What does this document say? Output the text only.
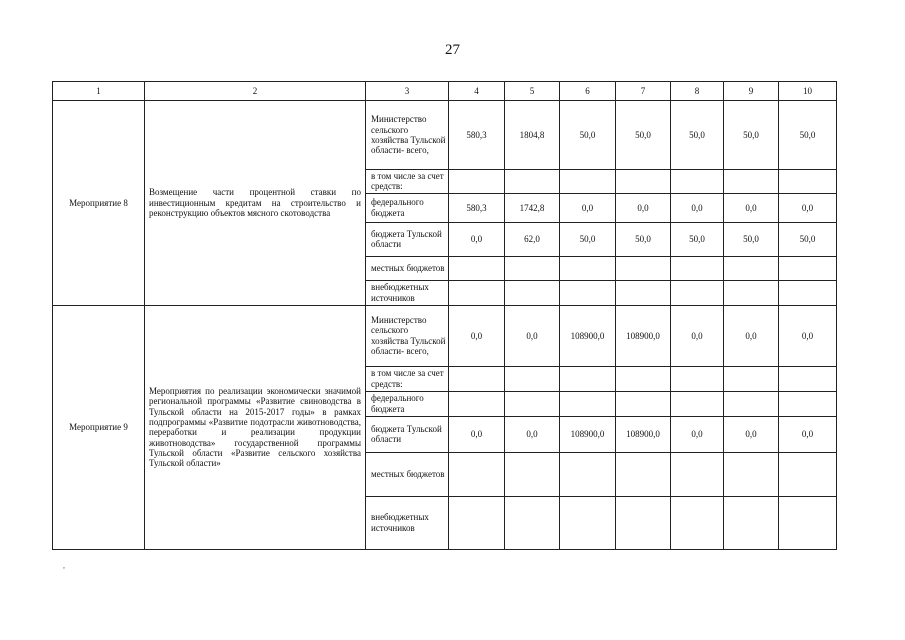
27
1	2	3	4	5	6	7	8	9	10
Мероприятие 8	Возмещение части процентной ставки по инвестиционным кредитам на строительство и реконструкцию объектов мясного скотоводства	Министерство сельского хозяйства Тульской области- всего,	580,3	1804,8	50,0	50,0	50,0	50,0	50,0
		в том числе за счет средств:							
		федерального бюджета	580,3	1742,8	0,0	0,0	0,0	0,0	0,0
		бюджета Тульской области	0,0	62,0	50,0	50,0	50,0	50,0	50,0
		местных бюджетов							
		внебюджетных источников							
Мероприятие 9	Мероприятия по реализации экономически значимой региональной программы «Развитие свиноводства в Тульской области на 2015-2017 годы» в рамках подпрограммы «Развитие подотрасли животноводства, переработки и реализации продукции животноводства» государственной программы Тульской области «Развитие сельского хозяйства Тульской области»	Министерство сельского хозяйства Тульской области- всего,	0,0	0,0	108900,0	108900,0	0,0	0,0	0,0
		в том числе за счет средств:							
		федерального бюджета							
		бюджета Тульской области	0,0	0,0	108900,0	108900,0	0,0	0,0	0,0
		местных бюджетов							
		внебюджетных источников							
,
